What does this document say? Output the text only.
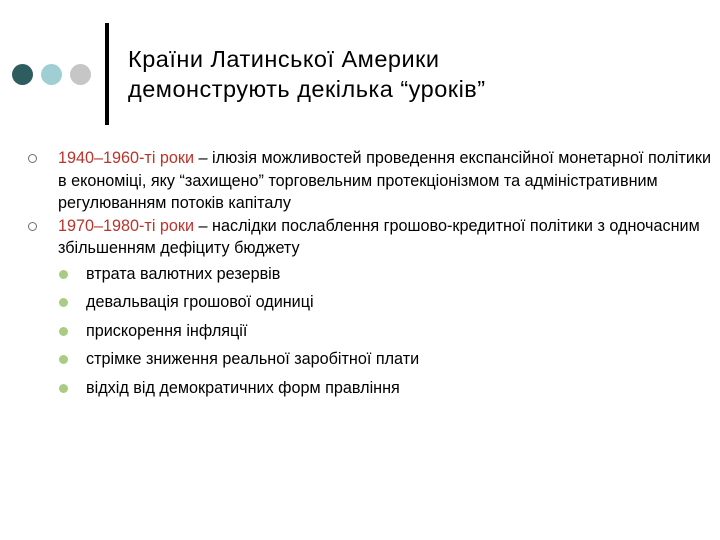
Країни Латинської Америки
демонструють декілька “уроків”
1940–1960-ті роки – ілюзія можливостей проведення експансійної монетарної політики в економіці, яку “захищено” торговельним протекціонізмом та адміністративним регулюванням потоків капіталу
1970–1980-ті роки – наслідки послаблення грошово-кредитної політики з одночасним збільшенням дефіциту бюджету
втрата валютних резервів
девальвація грошової одиниці
прискорення інфляції
стрімке зниження реальної заробітної плати
відхід від демократичних форм правління
